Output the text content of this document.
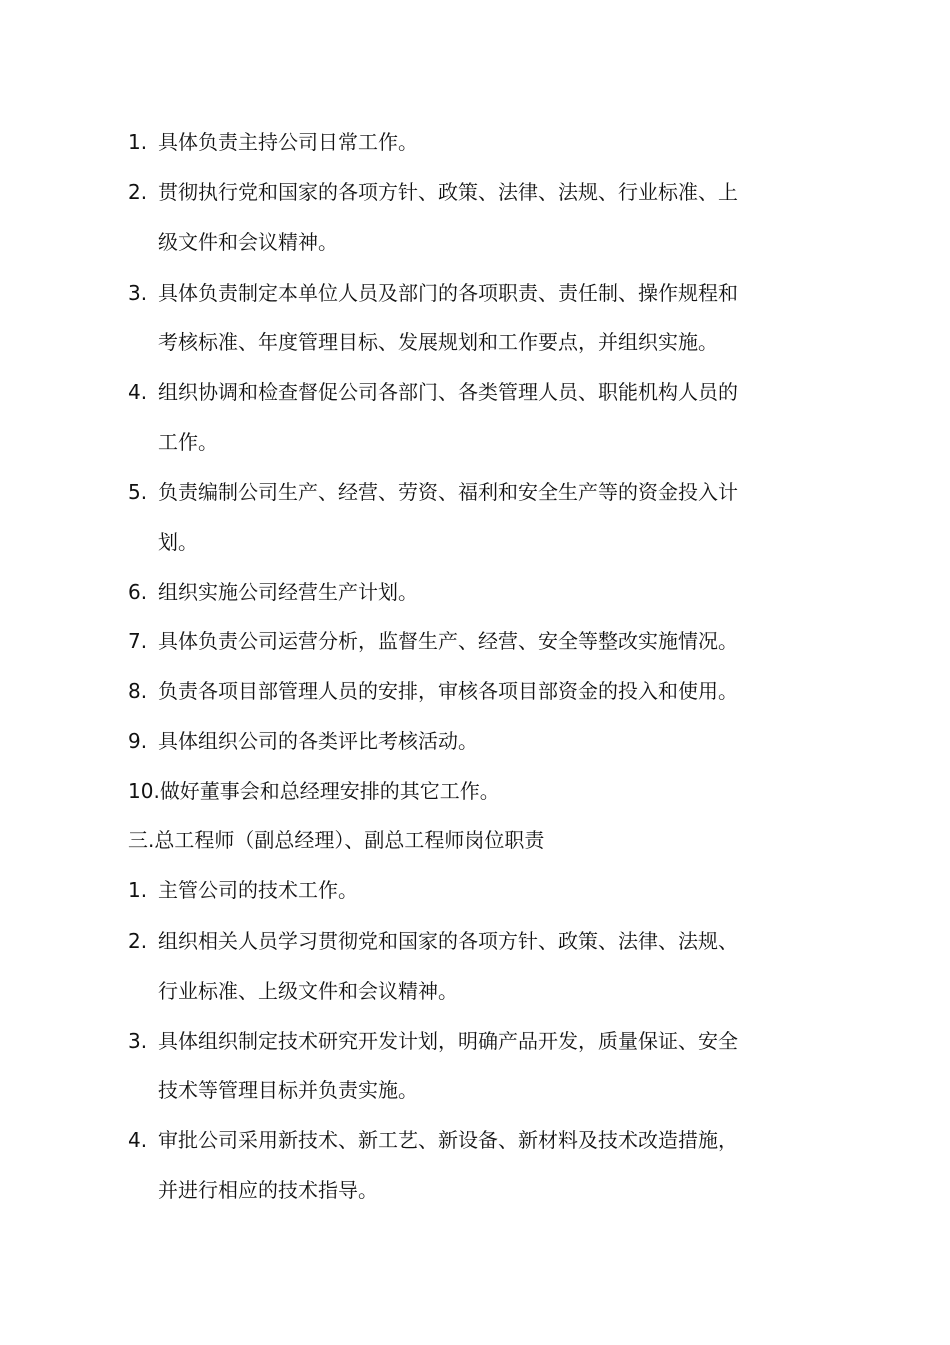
1. 具体负责主持公司日常工作。
2. 贯彻执行党和国家的各项方针、政策、法律、法规、行业标准、上
级文件和会议精神。
3. 具体负责制定本单位人员及部门的各项职责、责任制、操作规程和
考核标准、年度管理目标、发展规划和工作要点，并组织实施。
4. 组织协调和检查督促公司各部门、各类管理人员、职能机构人员的
工作。
5. 负责编制公司生产、经营、劳资、福利和安全生产等的资金投入计
划。
6. 组织实施公司经营生产计划。
7. 具体负责公司运营分析，监督生产、经营、安全等整改实施情况。
8. 负责各项目部管理人员的安排，审核各项目部资金的投入和使用。
9. 具体组织公司的各类评比考核活动。
10.做好董事会和总经理安排的其它工作。
三.总工程师（副总经理）、副总工程师岗位职责
1. 主管公司的技术工作。
2. 组织相关人员学习贯彻党和国家的各项方针、政策、法律、法规、
行业标准、上级文件和会议精神。
3. 具体组织制定技术研究开发计划，明确产品开发，质量保证、安全
技术等管理目标并负责实施。
4. 审批公司采用新技术、新工艺、新设备、新材料及技术改造措施，
并进行相应的技术指导。
